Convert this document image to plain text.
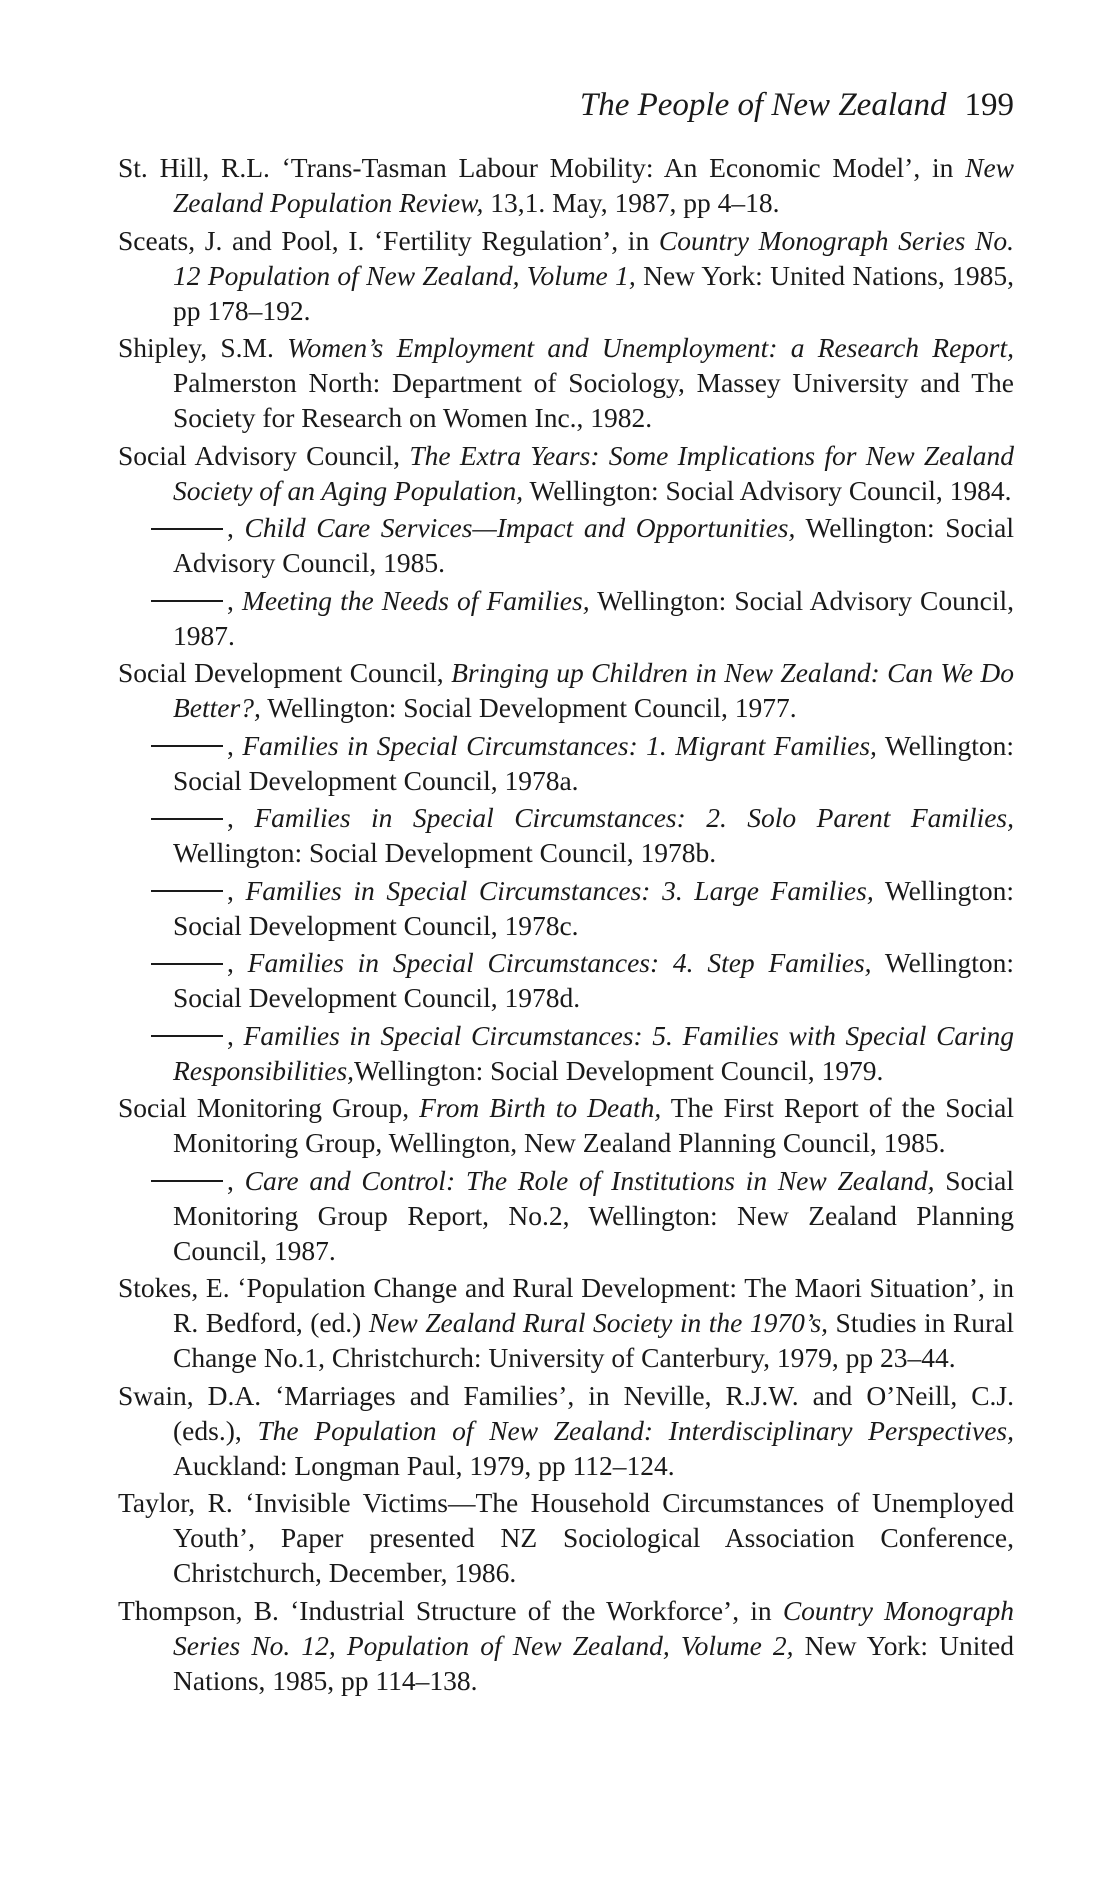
The People of New Zealand 199

St. Hill, R.L. ‘Trans-Tasman Labour Mobility: An Economic Model’, in New Zealand Population Review, 13,1. May, 1987, pp 4–18.

Sceats, J. and Pool, I. ‘Fertility Regulation’, in Country Monograph Series No. 12 Population of New Zealand, Volume 1, New York: United Nations, 1985, pp 178–192.

Shipley, S.M. Women’s Employment and Unemployment: a Research Report, Palmerston North: Department of Sociology, Massey University and The Society for Research on Women Inc., 1982.

Social Advisory Council, The Extra Years: Some Implications for New Zealand Society of an Aging Population, Wellington: Social Advisory Council, 1984.

, Child Care Services—Impact and Opportunities, Wellington: Social Advisory Council, 1985.

, Meeting the Needs of Families, Wellington: Social Advisory Council, 1987.

Social Development Council, Bringing up Children in New Zealand: Can We Do Better?, Wellington: Social Development Council, 1977.

, Families in Special Circumstances: 1. Migrant Families, Wellington: Social Development Council, 1978a.

, Families in Special Circumstances: 2. Solo Parent Families, Wellington: Social Development Council, 1978b.

, Families in Special Circumstances: 3. Large Families, Wellington: Social Development Council, 1978c.

, Families in Special Circumstances: 4. Step Families, Wellington: Social Development Council, 1978d.

, Families in Special Circumstances: 5. Families with Special Caring Responsibilities,Wellington: Social Development Council, 1979.

Social Monitoring Group, From Birth to Death, The First Report of the Social Monitoring Group, Wellington, New Zealand Planning Council, 1985.

, Care and Control: The Role of Institutions in New Zealand, Social Monitoring Group Report, No.2, Wellington: New Zealand Planning Council, 1987.

Stokes, E. ‘Population Change and Rural Development: The Maori Situation’, in R. Bedford, (ed.) New Zealand Rural Society in the 1970’s, Studies in Rural Change No.1, Christchurch: University of Canterbury, 1979, pp 23–44.

Swain, D.A. ‘Marriages and Families’, in Neville, R.J.W. and O’Neill, C.J. (eds.), The Population of New Zealand: Interdisciplinary Perspectives, Auckland: Longman Paul, 1979, pp 112–124.

Taylor, R. ‘Invisible Victims—The Household Circumstances of Unemployed Youth’, Paper presented NZ Sociological Association Conference, Christchurch, December, 1986.

Thompson, B. ‘Industrial Structure of the Workforce’, in Country Monograph Series No. 12, Population of New Zealand, Volume 2, New York: United Nations, 1985, pp 114–138.
